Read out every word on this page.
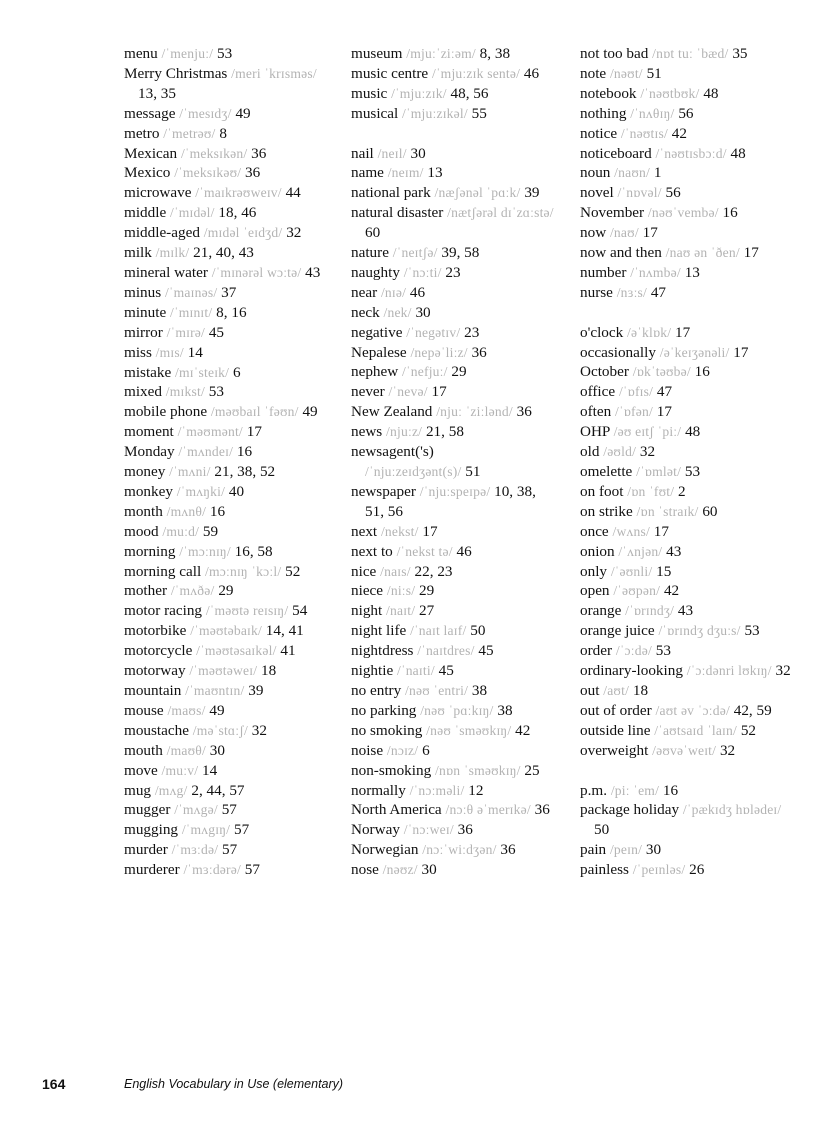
menu /ˈmenjuː/ 53

Merry Christmas /meri ˈkrɪsməs/ 13, 35

message /ˈmesɪdʒ/ 49

metro /ˈmetrəʊ/ 8

Mexican /ˈmeksɪkən/ 36

Mexico /ˈmeksɪkəʊ/ 36

microwave /ˈmaɪkrəʊweɪv/ 44

middle /ˈmɪdəl/ 18, 46

middle-aged /mɪdəl ˈeɪdʒd/ 32

milk /mɪlk/ 21, 40, 43

mineral water /ˈmɪnərəl wɔːtə/ 43

minus /ˈmaɪnəs/ 37

minute /ˈmɪnɪt/ 8, 16

mirror /ˈmɪrə/ 45

miss /mɪs/ 14

mistake /mɪˈsteɪk/ 6

mixed /mɪkst/ 53

mobile phone /məʊbaɪl ˈfəʊn/ 49

moment /ˈməʊmənt/ 17

Monday /ˈmʌndeɪ/ 16

money /ˈmʌni/ 21, 38, 52

monkey /ˈmʌŋki/ 40

month /mʌnθ/ 16

mood /muːd/ 59

morning /ˈmɔːnɪŋ/ 16, 58

morning call /mɔːnɪŋ ˈkɔːl/ 52

mother /ˈmʌðə/ 29

motor racing /ˈməʊtə reɪsɪŋ/ 54

motorbike /ˈməʊtəbaɪk/ 14, 41

motorcycle /ˈməʊtəsaɪkəl/ 41

motorway /ˈməʊtəweɪ/ 18

mountain /ˈmaʊntɪn/ 39

mouse /maʊs/ 49

moustache /məˈstɑːʃ/ 32

mouth /maʊθ/ 30

move /muːv/ 14

mug /mʌg/ 2, 44, 57

mugger /ˈmʌgə/ 57

mugging /ˈmʌgɪŋ/ 57

murder /ˈmɜːdə/ 57

murderer /ˈmɜːdərə/ 57

museum /mjuːˈziːəm/ 8, 38

music centre /ˈmjuːzɪk sentə/ 46

music /ˈmjuːzɪk/ 48, 56

musical /ˈmjuːzɪkəl/ 55

nail /neɪl/ 30

name /neɪm/ 13

national park /næʃənəl ˈpɑːk/ 39

natural disaster /nætʃərəl dɪˈzɑːstə/ 60

nature /ˈneɪtʃə/ 39, 58

naughty /ˈnɔːti/ 23

near /nɪə/ 46

neck /nek/ 30

negative /ˈnegətɪv/ 23

Nepalese /nepəˈliːz/ 36

nephew /ˈnefjuː/ 29

never /ˈnevə/ 17

New Zealand /njuː ˈziːlənd/ 36

news /njuːz/ 21, 58

newsagent('s)
/ˈnjuːzeɪdʒənt(s)/ 51

newspaper /ˈnjuːspeɪpə/ 10, 38, 51, 56

next /nekst/ 17

next to /ˈnekst tə/ 46

nice /naɪs/ 22, 23

niece /niːs/ 29

night /naɪt/ 27

night life /ˈnaɪt laɪf/ 50

nightdress /ˈnaɪtdres/ 45

nightie /ˈnaɪti/ 45

no entry /nəʊ ˈentri/ 38

no parking /nəʊ ˈpɑːkɪŋ/ 38

no smoking /nəʊ ˈsməʊkɪŋ/ 42

noise /nɔɪz/ 6

non-smoking /nɒn ˈsməʊkɪŋ/ 25

normally /ˈnɔːməli/ 12

North America /nɔːθ əˈmerɪkə/ 36

Norway /ˈnɔːweɪ/ 36

Norwegian /nɔːˈwiːdʒən/ 36

nose /nəʊz/ 30

not too bad /nɒt tuː ˈbæd/ 35

note /nəʊt/ 51

notebook /ˈnəʊtbʊk/ 48

nothing /ˈnʌθɪŋ/ 56

notice /ˈnəʊtɪs/ 42

noticeboard /ˈnəʊtɪsbɔːd/ 48

noun /naʊn/ 1

novel /ˈnɒvəl/ 56

November /nəʊˈvembə/ 16

now /naʊ/ 17

now and then /naʊ ən ˈðen/ 17

number /ˈnʌmbə/ 13

nurse /nɜːs/ 47

o'clock /əˈklɒk/ 17

occasionally /əˈkeɪʒənəli/ 17

October /ɒkˈtəʊbə/ 16

office /ˈɒfɪs/ 47

often /ˈɒfən/ 17

OHP /əʊ eɪtʃ ˈpiː/ 48

old /əʊld/ 32

omelette /ˈɒmlət/ 53

on foot /ɒn ˈfʊt/ 2

on strike /ɒn ˈstraɪk/ 60

once /wʌns/ 17

onion /ˈʌnjən/ 43

only /ˈəʊnli/ 15

open /ˈəʊpən/ 42

orange /ˈɒrɪndʒ/ 43

orange juice /ˈɒrɪndʒ dʒuːs/ 53

order /ˈɔːdə/ 53

ordinary-looking /ˈɔːdənri lʊkɪŋ/ 32

out /aʊt/ 18

out of order /aʊt əv ˈɔːdə/ 42, 59

outside line /ˈaʊtsaɪd ˈlaɪn/ 52

overweight /əʊvəˈweɪt/ 32

p.m. /piː ˈem/ 16

package holiday /ˈpækɪdʒ hɒlədeɪ/ 50

pain /peɪn/ 30

painless /ˈpeɪnləs/ 26

164	English Vocabulary in Use (elementary)
